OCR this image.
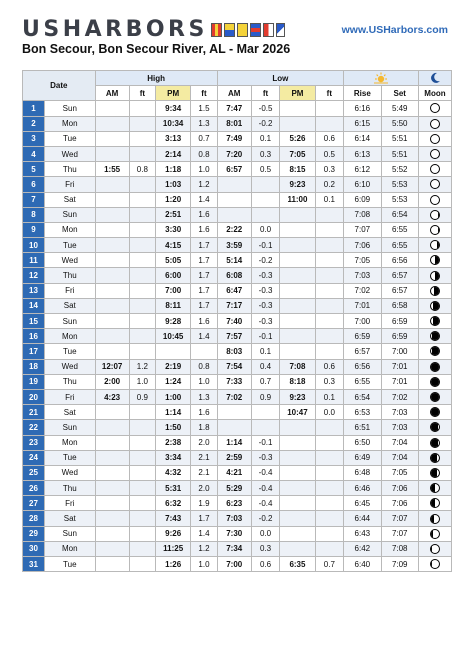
USHARBORS	www.USHarbors.com
Bon Secour, Bon Secour River, AL - Mar 2026
Date		High				Low		
		AM	ft	PM	ft	AM	ft	PM	ft	Rise	Set	Moon
1	Sun			9:34	1.5	7:47	-0.5			6:16	5:49	

2	Mon			10:34	1.3	8:01	-0.2			6:15	5:50	

3	Tue			3:13	0.7	7:49	0.1	5:26	0.6	6:14	5:51	

4	Wed			2:14	0.8	7:20	0.3	7:05	0.5	6:13	5:51	

5	Thu	1:55	0.8	1:18	1.0	6:57	0.5	8:15	0.3	6:12	5:52	

6	Fri			1:03	1.2			9:23	0.2	6:10	5:53	

7	Sat			1:20	1.4			11:00	0.1	6:09	5:53	

8	Sun			2:51	1.6					7:08	6:54	

9	Mon			3:30	1.6	2:22	0.0			7:07	6:55	

10	Tue			4:15	1.7	3:59	-0.1			7:06	6:55	

11	Wed			5:05	1.7	5:14	-0.2			7:05	6:56	

12	Thu			6:00	1.7	6:08	-0.3			7:03	6:57	

13	Fri			7:00	1.7	6:47	-0.3			7:02	6:57	

14	Sat			8:11	1.7	7:17	-0.3			7:01	6:58	

15	Sun			9:28	1.6	7:40	-0.3			7:00	6:59	

16	Mon			10:45	1.4	7:57	-0.1			6:59	6:59	

17	Tue					8:03	0.1			6:57	7:00	

18	Wed	12:07	1.2	2:19	0.8	7:54	0.4	7:08	0.6	6:56	7:01	

19	Thu	2:00	1.0	1:24	1.0	7:33	0.7	8:18	0.3	6:55	7:01	

20	Fri	4:23	0.9	1:00	1.3	7:02	0.9	9:23	0.1	6:54	7:02	

21	Sat			1:14	1.6			10:47	0.0	6:53	7:03	

22	Sun			1:50	1.8					6:51	7:03	

23	Mon			2:38	2.0	1:14	-0.1			6:50	7:04	

24	Tue			3:34	2.1	2:59	-0.3			6:49	7:04	

25	Wed			4:32	2.1	4:21	-0.4			6:48	7:05	

26	Thu			5:31	2.0	5:29	-0.4			6:46	7:06	

27	Fri			6:32	1.9	6:23	-0.4			6:45	7:06	

28	Sat			7:43	1.7	7:03	-0.2			6:44	7:07	

29	Sun			9:26	1.4	7:30	0.0			6:43	7:07	

30	Mon			11:25	1.2	7:34	0.3			6:42	7:08	

31	Tue			1:26	1.0	7:00	0.6	6:35	0.7	6:40	7:09	
